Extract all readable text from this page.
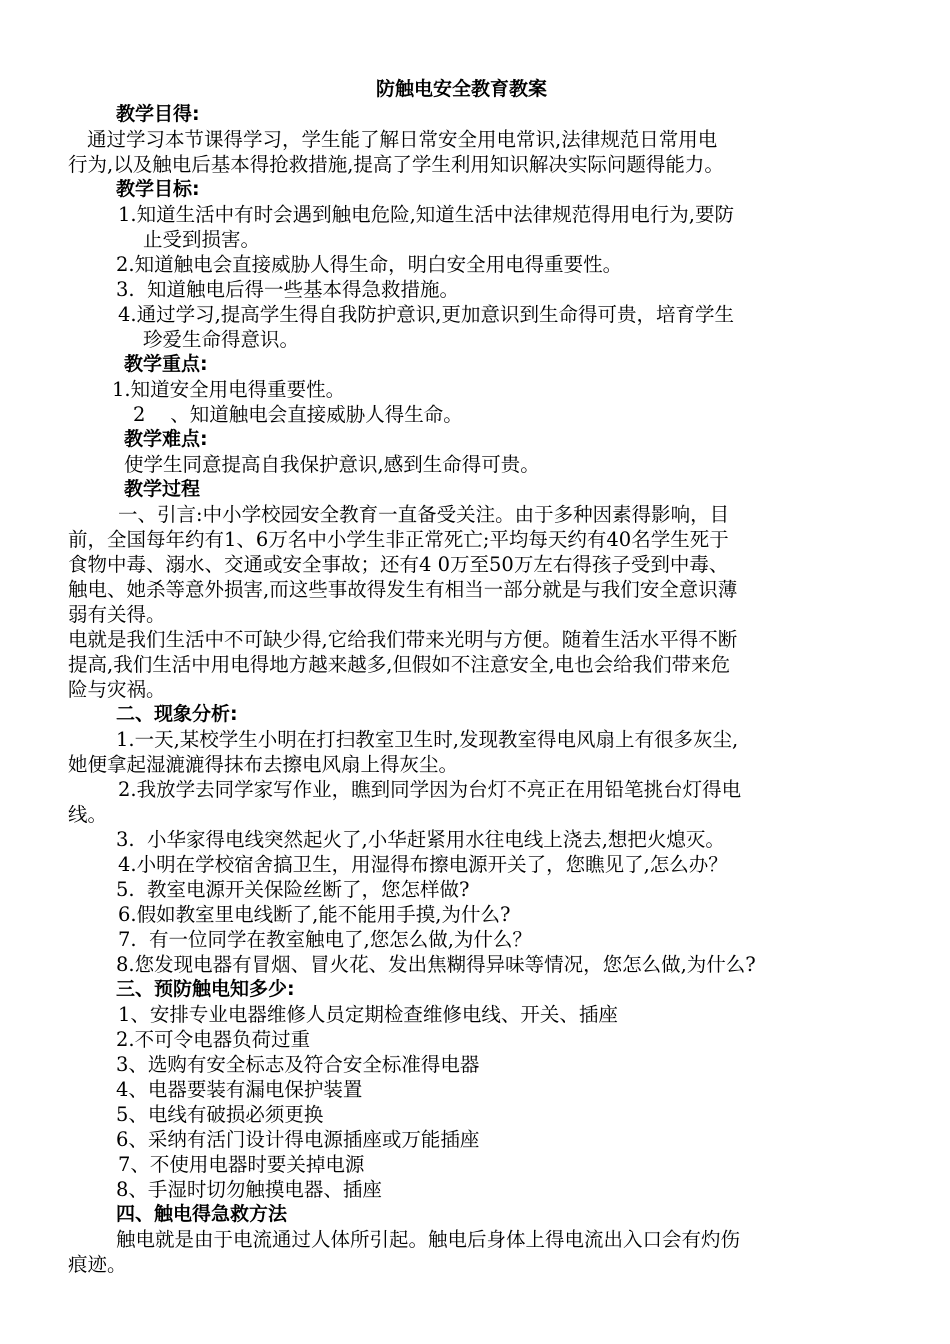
防触电安全教育教案
教学目得:
通过学习本节课得学习，学生能了解日常安全用电常识,法律规范日常用电
行为,以及触电后基本得抢救措施,提高了学生利用知识解决实际问题得能力。
教学目标:
1.知道生活中有时会遇到触电危险,知道生活中法律规范得用电行为,要防
止受到损害。
2.知道触电会直接威胁人得生命，明白安全用电得重要性。
3.  知道触电后得一些基本得急救措施。
4.通过学习,提高学生得自我防护意识,更加意识到生命得可贵，培育学生
珍爱生命得意识。
教学重点:
1.知道安全用电得重要性。
2    、知道触电会直接威胁人得生命。
教学难点:
使学生同意提高自我保护意识,感到生命得可贵。
教学过程
一、引言:中小学校园安全教育一直备受关注。由于多种因素得影响，目
前，全国每年约有1、6万名中小学生非正常死亡;平均每天约有40名学生死于
食物中毒、溺水、交通或安全事故；还有4 0万至50万左右得孩子受到中毒、
触电、她杀等意外损害,而这些事故得发生有相当一部分就是与我们安全意识薄
弱有关得。
电就是我们生活中不可缺少得,它给我们带来光明与方便。随着生活水平得不断
提高,我们生活中用电得地方越来越多,但假如不注意安全,电也会给我们带来危
险与灾祸。
二、现象分析:
1.一天,某校学生小明在打扫教室卫生时,发现教室得电风扇上有很多灰尘,
她便拿起湿漉漉得抹布去擦电风扇上得灰尘。
2.我放学去同学家写作业，瞧到同学因为台灯不亮正在用铅笔挑台灯得电
线。
3.  小华家得电线突然起火了,小华赶紧用水往电线上浇去,想把火熄灭。
4.小明在学校宿舍搞卫生，用湿得布擦电源开关了，您瞧见了,怎么办？
5.  教室电源开关保险丝断了，您怎样做?
6.假如教室里电线断了,能不能用手摸,为什么?
7.  有一位同学在教室触电了,您怎么做,为什么？
8.您发现电器有冒烟、冒火花、发出焦糊得异味等情况，您怎么做,为什么?
三、预防触电知多少:
1、安排专业电器维修人员定期检查维修电线、开关、插座
2.不可令电器负荷过重
3、选购有安全标志及符合安全标准得电器
4、电器要装有漏电保护装置
5、电线有破损必须更换
6、采纳有活门设计得电源插座或万能插座
7、不使用电器时要关掉电源
8、手湿时切勿触摸电器、插座
四、触电得急救方法
触电就是由于电流通过人体所引起。触电后身体上得电流出入口会有灼伤
痕迹。
